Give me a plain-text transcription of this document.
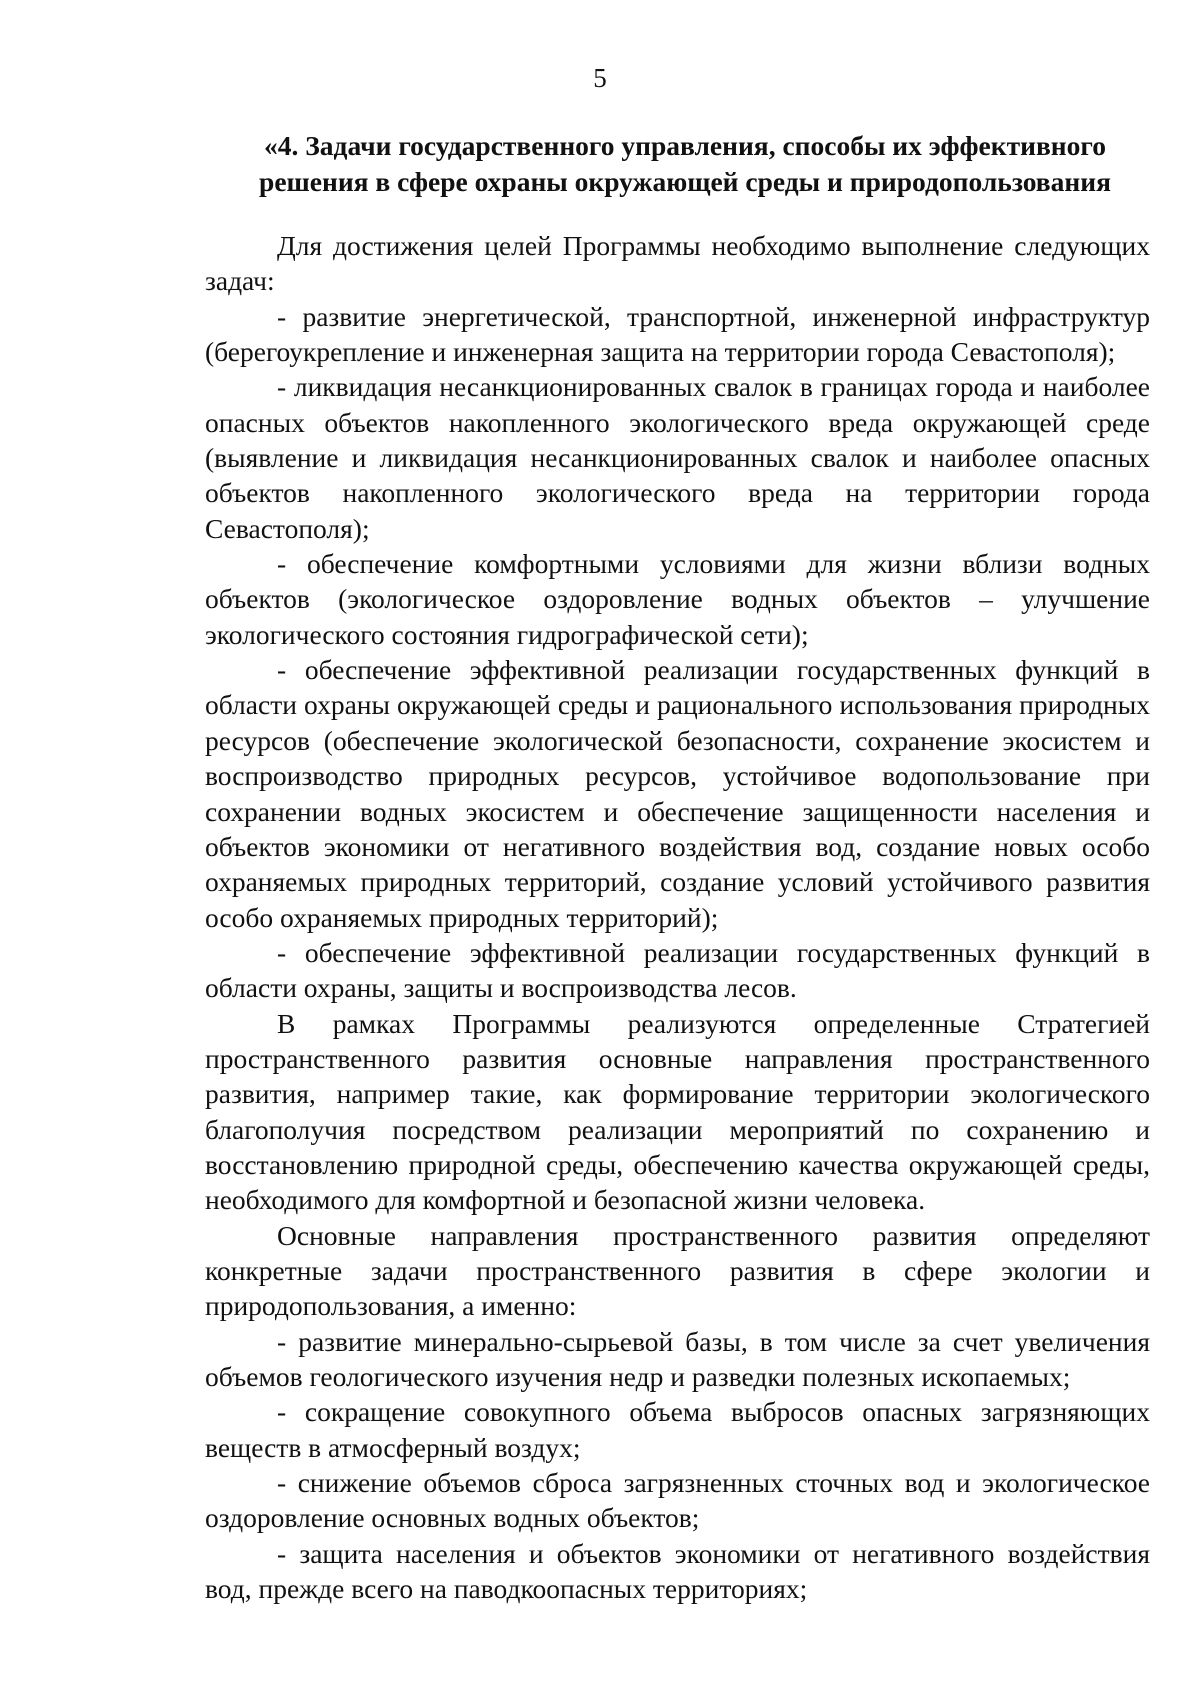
5
«4. Задачи государственного управления, способы их эффективного
решения в сфере охраны окружающей среды и природопользования

Для достижения целей Программы необходимо выполнение следующих задач:

- развитие энергетической, транспортной, инженерной инфраструктур (берегоукрепление и инженерная защита на территории города Севастополя);

- ликвидация несанкционированных свалок в границах города и наиболее опасных объектов накопленного экологического вреда окружающей среде (выявление и ликвидация несанкционированных свалок и наиболее опасных объектов накопленного экологического вреда на территории города Севастополя);

- обеспечение комфортными условиями для жизни вблизи водных объектов (экологическое оздоровление водных объектов – улучшение экологического состояния гидрографической сети);

- обеспечение эффективной реализации государственных функций в области охраны окружающей среды и рационального использования природных ресурсов (обеспечение экологической безопасности, сохранение экосистем и воспроизводство природных ресурсов, устойчивое водопользование при сохранении водных экосистем и обеспечение защищенности населения и объектов экономики от негативного воздействия вод, создание новых особо охраняемых природных территорий, создание условий устойчивого развития особо охраняемых природных территорий);

- обеспечение эффективной реализации государственных функций в области охраны, защиты и воспроизводства лесов.

В рамках Программы реализуются определенные Стратегией пространственного развития основные направления пространственного развития, например такие, как формирование территории экологического благополучия посредством реализации мероприятий по сохранению и восстановлению природной среды, обеспечению качества окружающей среды, необходимого для комфортной и безопасной жизни человека.

Основные направления пространственного развития определяют конкретные задачи пространственного развития в сфере экологии и природопользования, а именно:

- развитие минерально-сырьевой базы, в том числе за счет увеличения объемов геологического изучения недр и разведки полезных ископаемых;

- сокращение совокупного объема выбросов опасных загрязняющих веществ в атмосферный воздух;

- снижение объемов сброса загрязненных сточных вод и экологическое оздоровление основных водных объектов;

- защита населения и объектов экономики от негативного воздействия вод, прежде всего на паводкоопасных территориях;
